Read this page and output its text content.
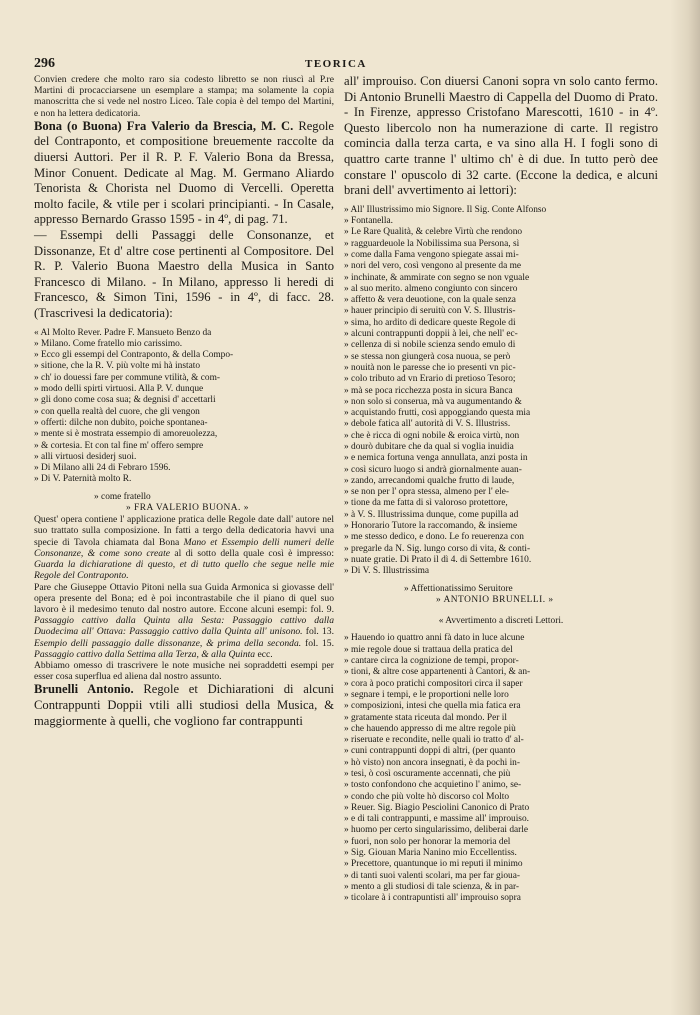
296	TEORICA

Convien credere che molto raro sia codesto libretto se non riuscì al P.re Martini di procacciarsene un esemplare a stampa; ma solamente la copia manoscritta che si vede nel nostro Liceo. Tale copia è del tempo del Martini, e non ha lettera dedicatoria.

Bona (o Buona) Fra Valerio da Brescia, M. C. Regole del Contraponto, et compositione breuemente raccolte da diuersi Auttori. Per il R. P. F. Valerio Bona da Bressa, Minor Conuent. Dedicate al Mag. M. Germano Aliardo Tenorista & Chorista nel Duomo di Vercelli. Operetta molto facile, & vtile per i scolari principianti. - In Casale, appresso Bernardo Grasso 1595 - in 4º, di pag. 71.

— Essempi delli Passaggi delle Consonanze, et Dissonanze, Et d' altre cose pertinenti al Compositore. Del R. P. Valerio Buona Maestro della Musica in Santo Francesco di Milano. - In Milano, appresso li heredi di Francesco, & Simon Tini, 1596 - in 4º, di facc. 28. (Trascrivesi la dedicatoria):

« Al Molto Rever. Padre F. Mansueto Benzo da
» Milano. Come fratello mio carissimo.
» Ecco gli essempi del Contraponto, & della Compo-
» sitione, che la R. V. più volte mi hà instato
» ch' io douessi fare per commune vtilità, & com-
» modo delli spirti virtuosi. Alla P. V. dunque
» gli dono come cosa sua; & degnisi d' accettarli
» con quella realtà del cuore, che gli vengon
» offerti: dilche non dubito, poiche spontanea-
» mente si è mostrata essempio di amoreuolezza,
» & cortesia. Et con tal fine m' offero sempre
» alli virtuosi desiderj suoi.
» Di Milano alli 24 di Febraro 1596.
» Di V. Paternità molto R.
» come fratello
» FRA VALERIO BUONA. »

Quest' opera contiene l' applicazione pratica delle Regole date dall' autore nel suo trattato sulla composizione. In fatti a tergo della dedicatoria havvi una specie di Tavola chiamata dal Bona Mano et Essempio delli numeri delle Consonanze, & come sono create al di sotto della quale così è impresso: Guarda la dichiaratione di questo, et di tutto quello che segue nelle mie Regole del Contraponto.

Pare che Giuseppe Ottavio Pitoni nella sua Guida Armonica si giovasse dell' opera presente del Bona; ed è poi incontrastabile che il piano di quel suo lavoro è il medesimo tenuto dal nostro autore. Eccone alcuni esempi: fol. 9. Passaggio cattivo dalla Quinta alla Sesta: Passaggio cattivo dalla Duodecima all' Ottava: Passaggio cattivo dalla Quinta all' unisono. fol. 13. Esempio delli passaggio dalle dissonanze, & prima della seconda. fol. 15. Passaggio cattivo dalla Settima alla Terza, & alla Quinta ecc.

Abbiamo omesso di trascrivere le note musiche nei sopraddetti esempi per esser cosa superflua ed aliena dal nostro assunto.

Brunelli Antonio. Regole et Dichiarationi di alcuni Contrappunti Doppii vtili alli studiosi della Musica, & maggiormente à quelli, che vogliono far contrappunti

all' improuiso. Con diuersi Canoni sopra vn solo canto fermo. Di Antonio Brunelli Maestro di Cappella del Duomo di Prato. - In Firenze, appresso Cristofano Marescotti, 1610 - in 4º. Questo libercolo non ha numerazione di carte. Il registro comincia dalla terza carta, e va sino alla H. I fogli sono di quattro carte tranne l' ultimo ch' è di due. In tutto però dee constare l' opuscolo di 32 carte. (Eccone la dedica, e alcuni brani dell' avvertimento ai lettori):

» All' Illustrissimo mio Signore. Il Sig. Conte Alfonso
» Fontanella.
» Le Rare Qualità, & celebre Virtù che rendono
» ragguardeuole la Nobilissima sua Persona, sì
» come dalla Fama vengono spiegate assai mi-
» nori del vero, così vengono al presente da me
» inchinate, & ammirate con segno se non vguale
» al suo merito. almeno congiunto con sincero
» affetto & vera deuotione, con la quale senza
» hauer principio di seruitù con V. S. Illustris-
» sima, ho ardito di dedicare queste Regole di
» alcuni contrappunti doppii à lei, che nell' ec-
» cellenza di sì nobile scienza sendo emulo di
» se stessa non giungerà cosa nuoua, se però
» nouità non le paresse che io presenti vn pic-
» colo tributo ad vn Erario di pretioso Tesoro;
» mà se poca ricchezza posta in sicura Banca
» non solo si conserua, mà va augumentando &
» acquistando frutti, così appoggiando questa mia
» debole fatica all' autorità di V. S. Illustriss.
» che è ricca di ogni nobile & eroica virtù, non
» dourò dubitare che da qual si voglia inuidia
» e nemica fortuna venga annullata, anzi posta in
» così sicuro luogo si andrà giornalmente auan-
» zando, arrecandomi qualche frutto di laude,
» se non per l' opra stessa, almeno per l' ele-
» tione da me fatta di sì valoroso protettore,
» à V. S. Illustrissima dunque, come pupilla ad
» Honorario Tutore la raccomando, & insieme
» me stesso dedico, e dono. Le fo reuerenza con
» pregarle da N. Sig. lungo corso di vita, & conti-
» nuate gratie. Di Prato il dì 4. di Settembre 1610.
» Di V. S. Illustrissima
» Affettionatissimo Seruitore
» ANTONIO BRUNELLI. »
« Avvertimento a discreti Lettori.
» Hauendo io quattro anni fà dato in luce alcune
» mie regole doue si trattaua della pratica del
» cantare circa la cognizione de tempi, propor-
» tioni, & altre cose appartenenti à Cantori, & an-
» cora à poco pratichi compositori circa il saper
» segnare i tempi, e le proportioni nelle loro
» composizioni, intesi che quella mia fatica era
» gratamente stata riceuta dal mondo. Per il
» che hauendo appresso di me altre regole più
» riseruate e recondite, nelle quali io tratto d' al-
» cuni contrappunti doppi di altri, (per quanto
» hò visto) non ancora insegnati, è da pochi in-
» tesi, ò così oscuramente accennati, che più
» tosto confondono che acquietino l' animo, se-
» condo che più volte hò discorso col Molto
» Reuer. Sig. Biagio Pesciolini Canonico di Prato
» e di tali contrappunti, e massime all' improuiso.
» huomo per certo singularissimo, deliberai darle
» fuori, non solo per honorar la memoria del
» Sig. Giouan Maria Nanino mio Eccellentiss.
» Precettore, quantunque io mi reputi il minimo
» di tanti suoi valenti scolari, ma per far gioua-
» mento a gli studiosi di tale scienza, & in par-
» ticolare à i contrapuntisti all' improuiso sopra
